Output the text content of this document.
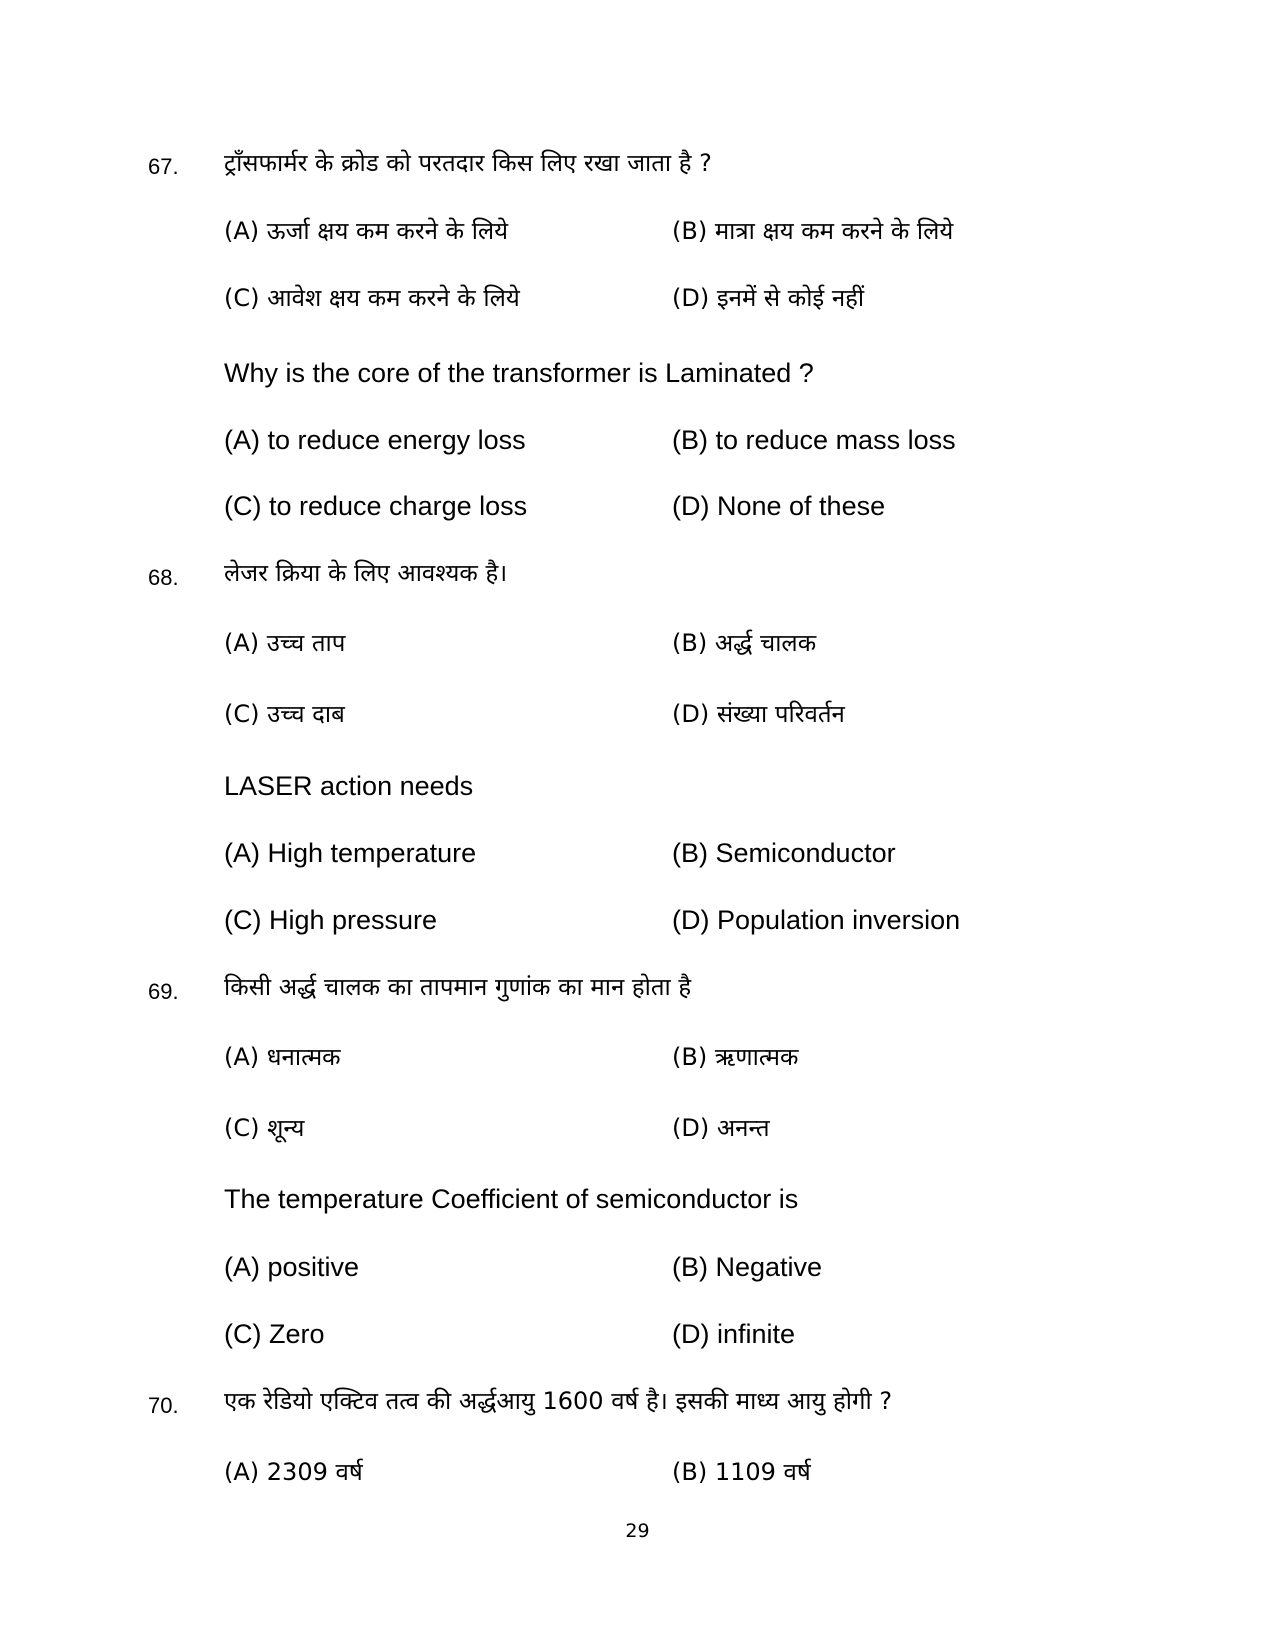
67. ट्राँसफार्मर के क्रोड को परतदार किस लिए रखा जाता है ?
(A) ऊर्जा क्षय कम करने के लिये	(B) मात्रा क्षय कम करने के लिये
(C) आवेश क्षय कम करने के लिये	(D) इनमें से कोई नहीं
Why is the core of the transformer is Laminated ?
(A) to reduce energy loss	(B) to reduce mass loss
(C) to reduce charge loss	(D) None of these
68. लेजर क्रिया के लिए आवश्यक है।
(A) उच्च ताप	(B) अर्द्ध चालक
(C) उच्च दाब	(D) संख्या परिवर्तन
LASER action needs
(A) High temperature	(B) Semiconductor
(C) High pressure	(D) Population inversion
69. किसी अर्द्ध चालक का तापमान गुणांक का मान होता है
(A) धनात्मक	(B) ऋणात्मक
(C) शून्य	(D) अनन्त
The temperature Coefficient of semiconductor is
(A) positive	(B) Negative
(C) Zero	(D) infinite
70. एक रेडियो एक्टिव तत्व की अर्द्धआयु 1600 वर्ष है। इसकी माध्य आयु होगी ?
(A) 2309 वर्ष	(B) 1109 वर्ष
29
